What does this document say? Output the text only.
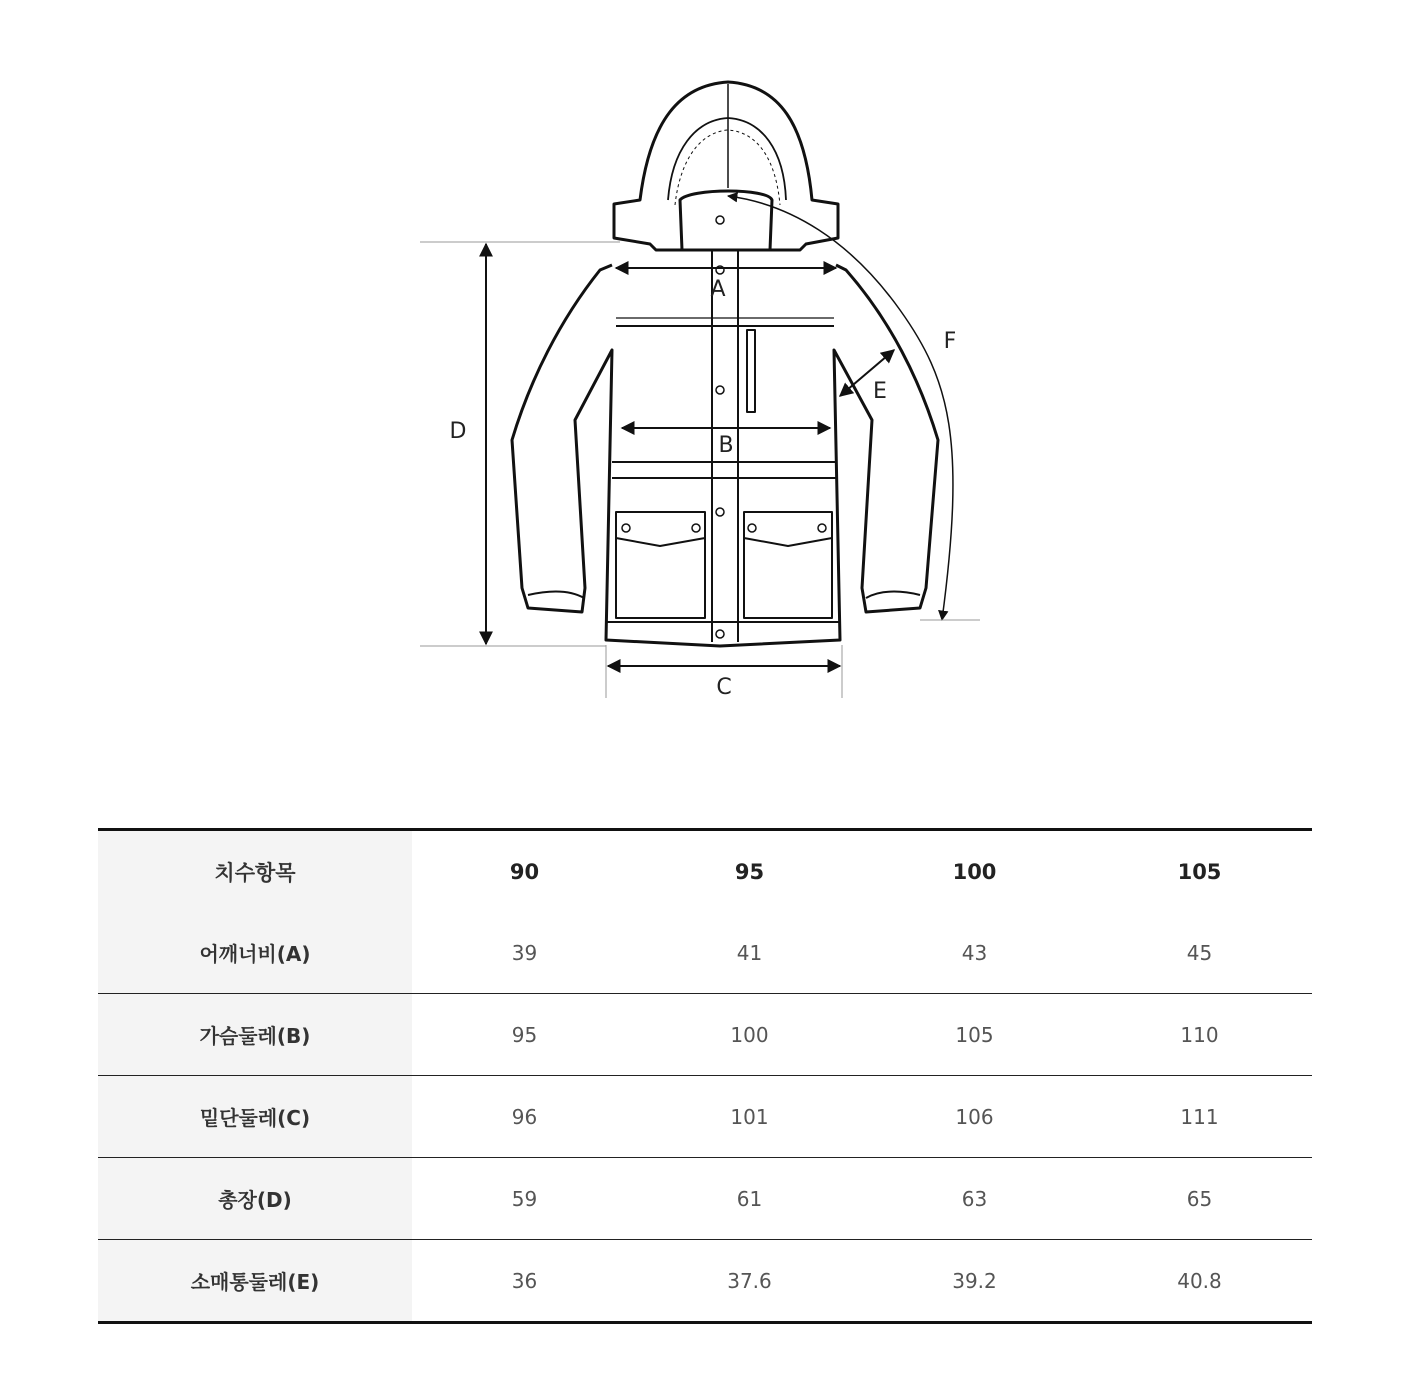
A
B
C
D
E
F
치수항목	90	95	100	105
어깨너비(A)	39	41	43	45
가슴둘레(B)	95	100	105	110
밑단둘레(C)	96	101	106	111
총장(D)	59	61	63	65
소매통둘레(E)	36	37.6	39.2	40.8
